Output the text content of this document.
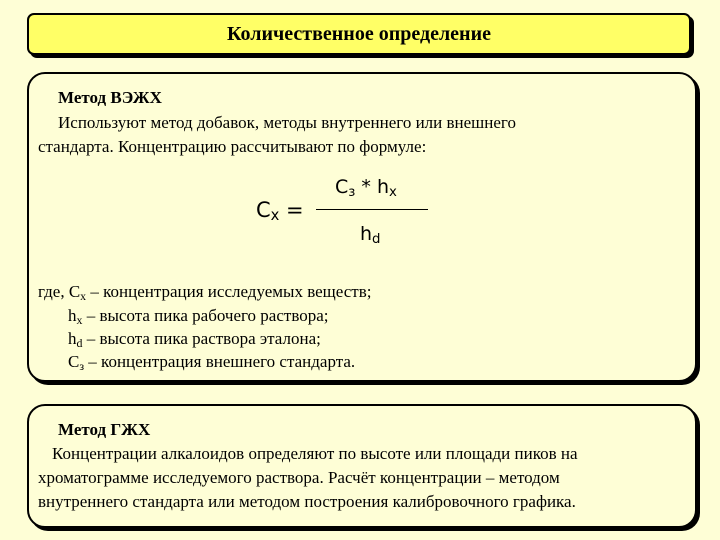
Количественное определение
Метод ВЭЖХ
Используют метод добавок, методы внутреннего или внешнего
стандарта. Концентрацию рассчитывают по формуле:
$C_з * h_x$
$C_x$ =
$h_d$
где, $C_x$ – концентрация исследуемых веществ;
$h_x$ – высота пика рабочего раствора;
$h_d$ – высота пика раствора эталона;
$C_з$ – концентрация внешнего стандарта.
Метод ГЖХ
Концентрации алкалоидов определяют по высоте или площади пиков на
хроматограмме исследуемого раствора. Расчёт концентрации – методом
внутреннего стандарта или методом построения калибровочного графика.
